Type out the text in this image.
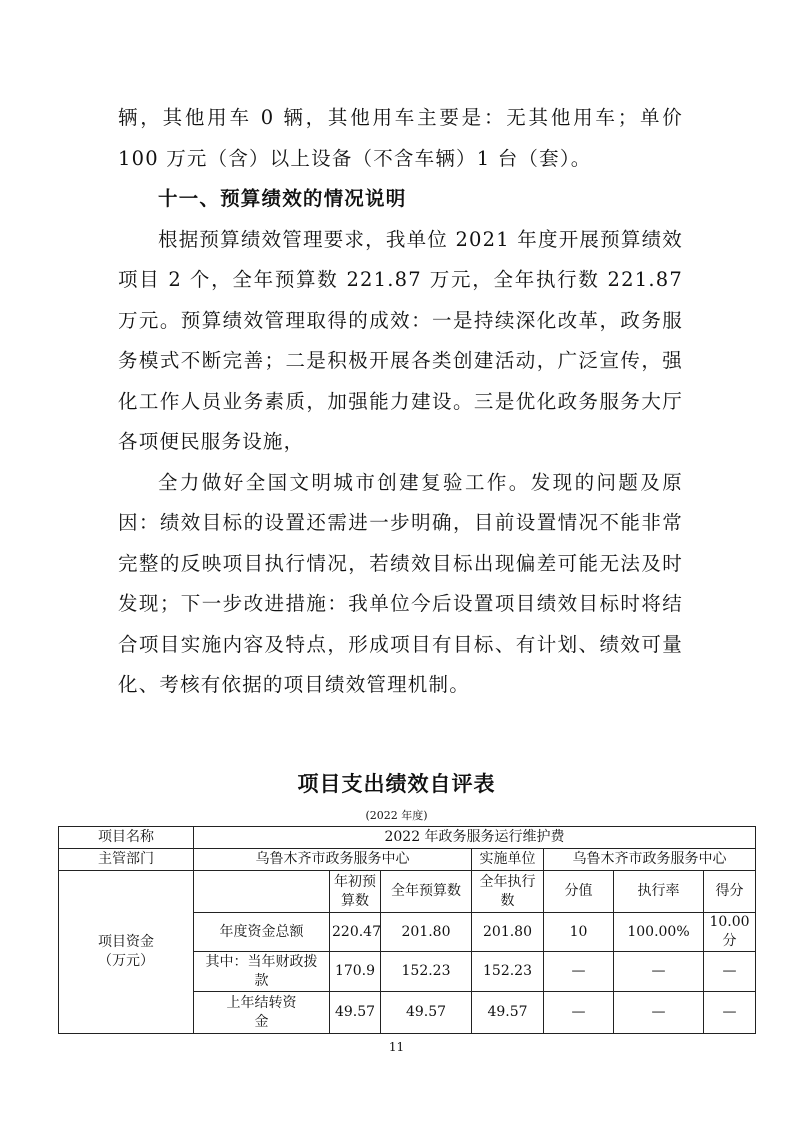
辆，其他用车 0 辆，其他用车主要是：无其他用车；单价 100 万元（含）以上设备（不含车辆）1 台（套）。

十一、预算绩效的情况说明

根据预算绩效管理要求，我单位 2021 年度开展预算绩效项目 2 个，全年预算数 221.87 万元，全年执行数 221.87 万元。预算绩效管理取得的成效：一是持续深化改革，政务服务模式不断完善；二是积极开展各类创建活动，广泛宣传，强化工作人员业务素质，加强能力建设。三是优化政务服务大厅各项便民服务设施，

全力做好全国文明城市创建复验工作。发现的问题及原因：绩效目标的设置还需进一步明确，目前设置情况不能非常完整的反映项目执行情况，若绩效目标出现偏差可能无法及时发现；下一步改进措施：我单位今后设置项目绩效目标时将结合项目实施内容及特点，形成项目有目标、有计划、绩效可量化、考核有依据的项目绩效管理机制。

项目支出绩效自评表
(2022 年度)
项目名称	2022 年政务服务运行维护费						
主管部门	乌鲁木齐市政务服务中心			实施单位	乌鲁木齐市政务服务中心		
项目资金（万元）		年初预算数	全年预算数	全年执行数	分值	执行率	得分
	年度资金总额	220.47	201.80	201.80	10	100.00%	10.00 分
	其中：当年财政拨款	170.9	152.23	152.23	—	—	—
	上年结转资金	49.57	49.57	49.57	—	—	—
11
